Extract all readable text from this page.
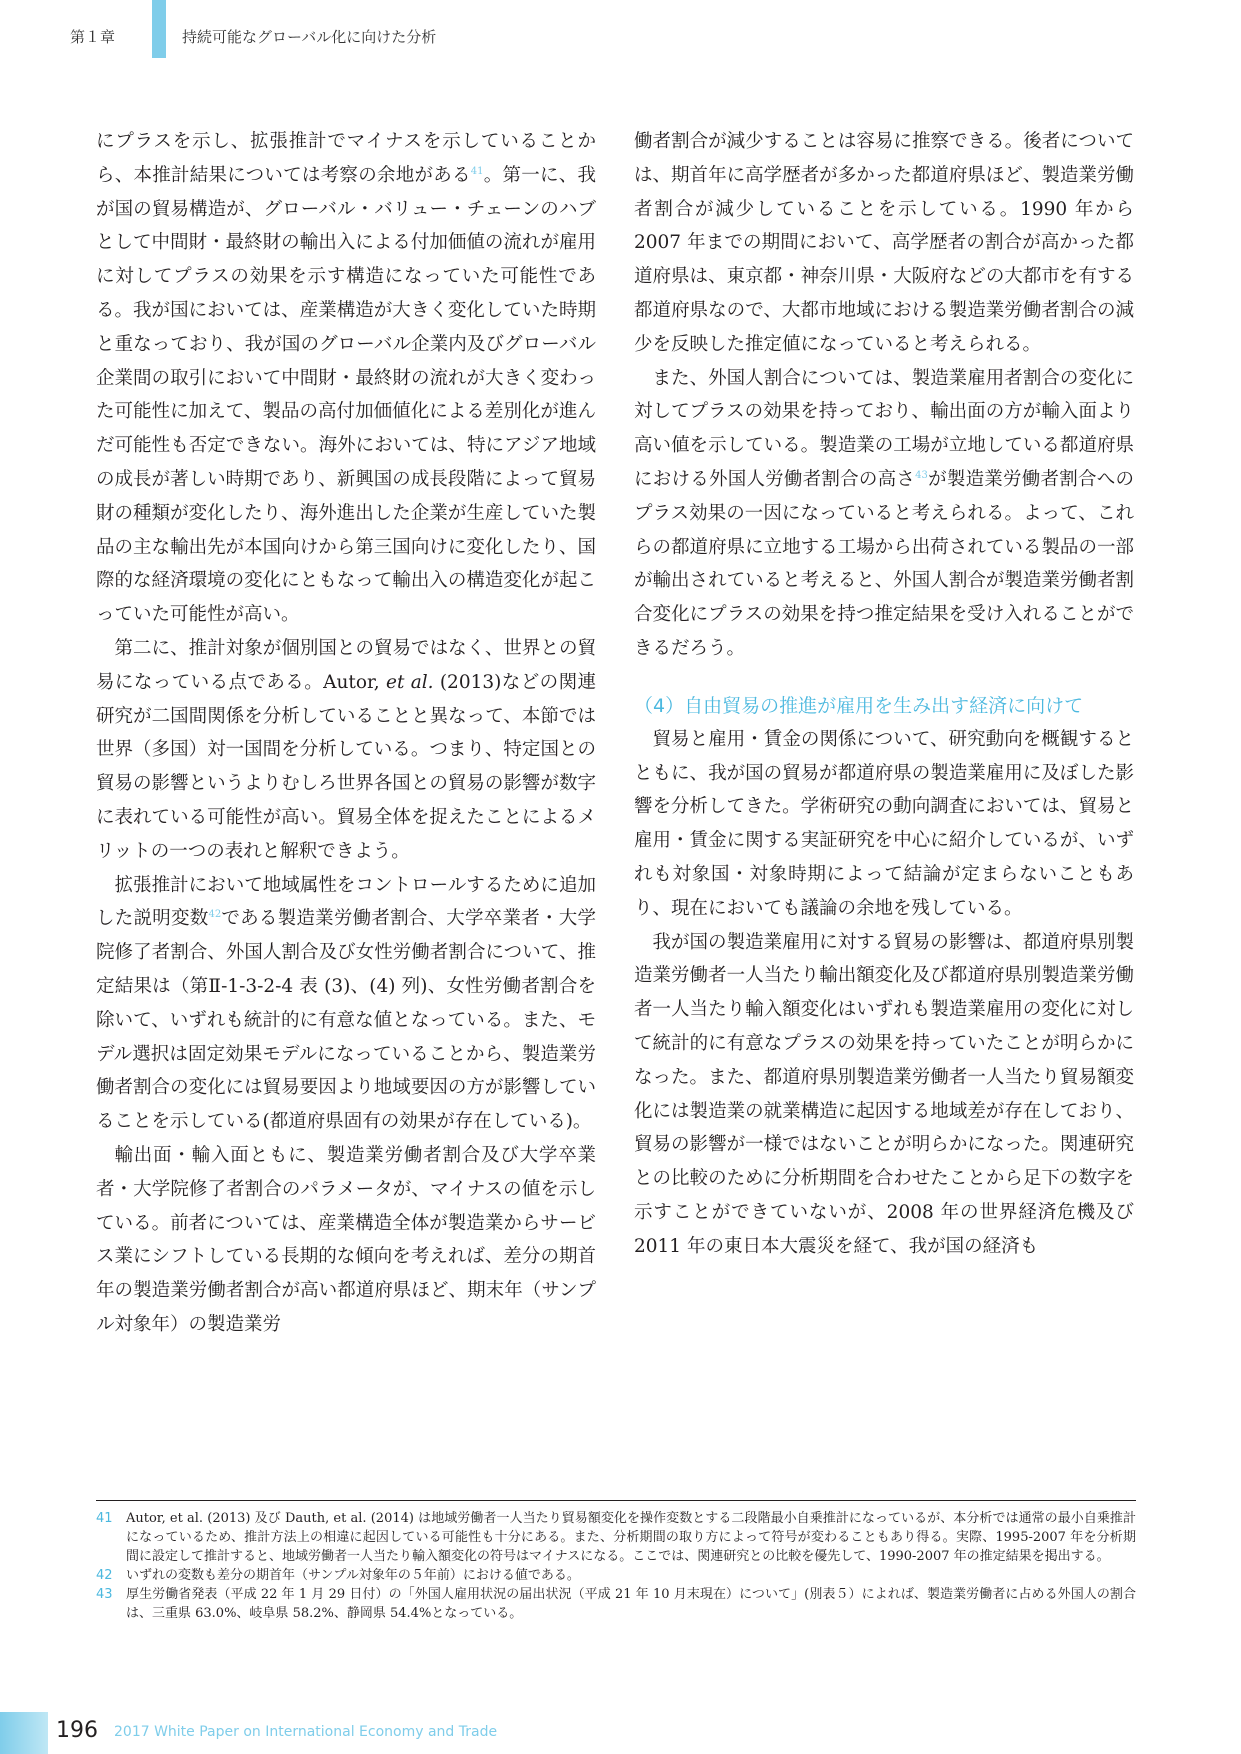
第１章	持続可能なグローバル化に向けた分析

にプラスを示し、拡張推計でマイナスを示していることから、本推計結果については考察の余地がある$^{41}$。第一に、我が国の貿易構造が、グローバル・バリュー・チェーンのハブとして中間財・最終財の輸出入による付加価値の流れが雇用に対してプラスの効果を示す構造になっていた可能性である。我が国においては、産業構造が大きく変化していた時期と重なっており、我が国のグローバル企業内及びグローバル企業間の取引において中間財・最終財の流れが大きく変わった可能性に加えて、製品の高付加価値化による差別化が進んだ可能性も否定できない。海外においては、特にアジア地域の成長が著しい時期であり、新興国の成長段階によって貿易財の種類が変化したり、海外進出した企業が生産していた製品の主な輸出先が本国向けから第三国向けに変化したり、国際的な経済環境の変化にともなって輸出入の構造変化が起こっていた可能性が高い。

第二に、推計対象が個別国との貿易ではなく、世界との貿易になっている点である。Autor, et al. (2013)などの関連研究が二国間関係を分析していることと異なって、本節では世界（多国）対一国間を分析している。つまり、特定国との貿易の影響というよりむしろ世界各国との貿易の影響が数字に表れている可能性が高い。貿易全体を捉えたことによるメリットの一つの表れと解釈できよう。

拡張推計において地域属性をコントロールするために追加した説明変数$^{42}$である製造業労働者割合、大学卒業者・大学院修了者割合、外国人割合及び女性労働者割合について、推定結果は（第Ⅱ-1-3-2-4 表 (3)、(4) 列)、女性労働者割合を除いて、いずれも統計的に有意な値となっている。また、モデル選択は固定効果モデルになっていることから、製造業労働者割合の変化には貿易要因より地域要因の方が影響していることを示している(都道府県固有の効果が存在している)。

輸出面・輸入面ともに、製造業労働者割合及び大学卒業者・大学院修了者割合のパラメータが、マイナスの値を示している。前者については、産業構造全体が製造業からサービス業にシフトしている長期的な傾向を考えれば、差分の期首年の製造業労働者割合が高い都道府県ほど、期末年（サンプル対象年）の製造業労

働者割合が減少することは容易に推察できる。後者については、期首年に高学歴者が多かった都道府県ほど、製造業労働者割合が減少していることを示している。1990 年から 2007 年までの期間において、高学歴者の割合が高かった都道府県は、東京都・神奈川県・大阪府などの大都市を有する都道府県なので、大都市地域における製造業労働者割合の減少を反映した推定値になっていると考えられる。

また、外国人割合については、製造業雇用者割合の変化に対してプラスの効果を持っており、輸出面の方が輸入面より高い値を示している。製造業の工場が立地している都道府県における外国人労働者割合の高さ$^{43}$が製造業労働者割合へのプラス効果の一因になっていると考えられる。よって、これらの都道府県に立地する工場から出荷されている製品の一部が輸出されていると考えると、外国人割合が製造業労働者割合変化にプラスの効果を持つ推定結果を受け入れることができるだろう。

（4）自由貿易の推進が雇用を生み出す経済に向けて

貿易と雇用・賃金の関係について、研究動向を概観するとともに、我が国の貿易が都道府県の製造業雇用に及ぼした影響を分析してきた。学術研究の動向調査においては、貿易と雇用・賃金に関する実証研究を中心に紹介しているが、いずれも対象国・対象時期によって結論が定まらないこともあり、現在においても議論の余地を残している。

我が国の製造業雇用に対する貿易の影響は、都道府県別製造業労働者一人当たり輸出額変化及び都道府県別製造業労働者一人当たり輸入額変化はいずれも製造業雇用の変化に対して統計的に有意なプラスの効果を持っていたことが明らかになった。また、都道府県別製造業労働者一人当たり貿易額変化には製造業の就業構造に起因する地域差が存在しており、貿易の影響が一様ではないことが明らかになった。関連研究との比較のために分析期間を合わせたことから足下の数字を示すことができていないが、2008 年の世界経済危機及び 2011 年の東日本大震災を経て、我が国の経済も

41	Autor, et al. (2013) 及び Dauth, et al. (2014) は地域労働者一人当たり貿易額変化を操作変数とする二段階最小自乗推計になっているが、本分析では通常の最小自乗推計になっているため、推計方法上の相違に起因している可能性も十分にある。また、分析期間の取り方によって符号が変わることもあり得る。実際、1995-2007 年を分析期間に設定して推計すると、地域労働者一人当たり輸入額変化の符号はマイナスになる。ここでは、関連研究との比較を優先して、1990-2007 年の推定結果を掲出する。
42	いずれの変数も差分の期首年（サンプル対象年の５年前）における値である。
43	厚生労働省発表（平成 22 年 1 月 29 日付）の「外国人雇用状況の届出状況（平成 21 年 10 月末現在）について」(別表５）によれば、製造業労働者に占める外国人の割合は、三重県 63.0%、岐阜県 58.2%、静岡県 54.4%となっている。
196 2017 White Paper on International Economy and Trade
